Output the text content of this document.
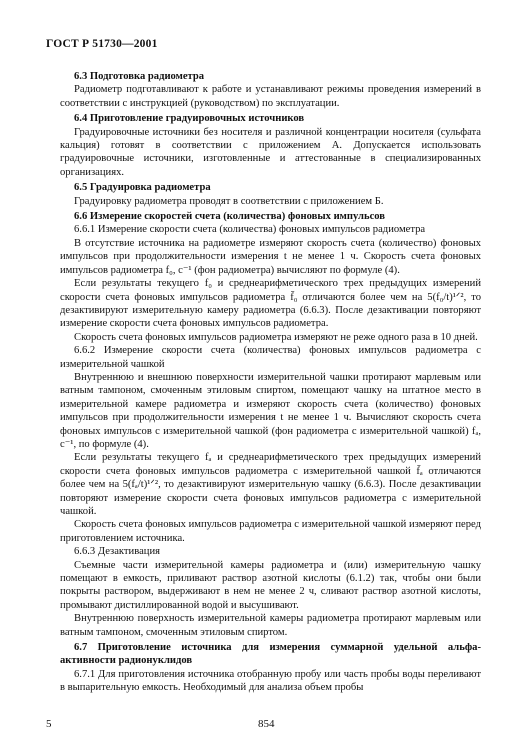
ГОСТ Р 51730—2001

6.3 Подготовка радиометра

Радиометр подготавливают к работе и устанавливают режимы проведения измерений в соответствии с инструкцией (руководством) по эксплуатации.

6.4 Приготовление градуировочных источников

Градуировочные источники без носителя и различной концентрации носителя (сульфата кальция) готовят в соответствии с приложением А. Допускается использовать градуировочные источники, изготовленные и аттестованные в специализированных организациях.

6.5 Градуировка радиометра

Градуировку радиометра проводят в соответствии с приложением Б.

6.6 Измерение скоростей счета (количества) фоновых импульсов

6.6.1 Измерение скорости счета (количества) фоновых импульсов радиометра

В отсутствие источника на радиометре измеряют скорость счета (количество) фоновых импульсов при продолжительности измерения t не менее 1 ч. Скорость счета фоновых импульсов радиометра f₀, с⁻¹ (фон радиометра) вычисляют по формуле (4).

Если результаты текущего f₀ и среднеарифметического трех предыдущих измерений скорости счета фоновых импульсов радиометра f̄₀ отличаются более чем на 5(f₀/t)¹ᐟ², то дезактивируют измерительную камеру радиометра (6.6.3). После дезактивации повторяют измерение скорости счета фоновых импульсов радиометра.

Скорость счета фоновых импульсов радиометра измеряют не реже одного раза в 10 дней.

6.6.2 Измерение скорости счета (количества) фоновых импульсов радиометра с измерительной чашкой

Внутреннюю и внешнюю поверхности измерительной чашки протирают марлевым или ватным тампоном, смоченным этиловым спиртом, помещают чашку на штатное место в измерительной камере радиометра и измеряют скорость счета (количество) фоновых импульсов при продолжительности измерения t не менее 1 ч. Вычисляют скорость счета фоновых импульсов с измерительной чашкой (фон радиометра с измерительной чашкой) fₐ, с⁻¹, по формуле (4).

Если результаты текущего fₐ и среднеарифметического трех предыдущих измерений скорости счета фоновых импульсов радиометра с измерительной чашкой f̄ₐ отличаются более чем на 5(fₐ/t)¹ᐟ², то дезактивируют измерительную чашку (6.6.3). После дезактивации повторяют измерение скорости счета фоновых импульсов радиометра с измерительной чашкой.

Скорость счета фоновых импульсов радиометра с измерительной чашкой измеряют перед приготовлением источника.

6.6.3 Дезактивация

Съемные части измерительной камеры радиометра и (или) измерительную чашку помещают в емкость, приливают раствор азотной кислоты (6.1.2) так, чтобы они были покрыты раствором, выдерживают в нем не менее 2 ч, сливают раствор азотной кислоты, промывают дистиллированной водой и высушивают.

Внутреннюю поверхность измерительной камеры радиометра протирают марлевым или ватным тампоном, смоченным этиловым спиртом.

6.7 Приготовление источника для измерения суммарной удельной альфа-активности радионуклидов

6.7.1 Для приготовления источника отобранную пробу или часть пробы воды переливают в выпарительную емкость. Необходимый для анализа объем пробы

5	854
